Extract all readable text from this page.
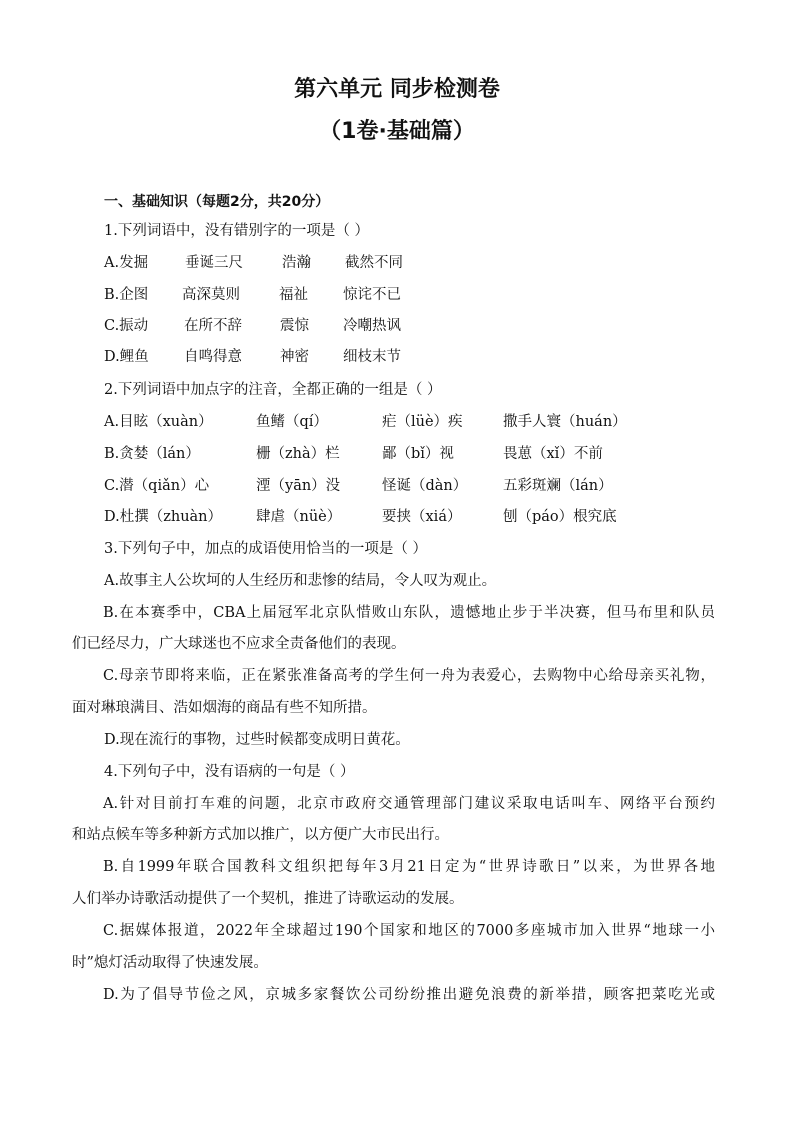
第六单元 同步检测卷
（1卷·基础篇）
一、基础知识（每题2分，共20分）
1.下列词语中，没有错别字的一项是（ ）
A.发掘	垂诞三尺	浩瀚 截然不同
B.企图 高深莫则	福祉 惊诧不已
C.振动 在所不辞	震惊 冷嘲热讽
D.鲤鱼 自鸣得意	神密 细枝末节
2.下列词语中加点字的注音，全都正确的一组是（ ）
A.目眩（xuàn）	鱼鳍（qí）	疟（lüè）疾	撒手人寰（huán）
B.贪婪（lán）	栅（zhà）栏	鄙（bǐ）视	畏葸（xǐ）不前
C.潜（qiǎn）心	湮（yān）没	怪诞（dàn） 五彩斑斓（lán）
D.杜撰（zhuàn） 肆虐（nüè）	要挟（xiá）	刨（páo）根究底
3.下列句子中，加点的成语使用恰当的一项是（ ）
A.故事主人公坎坷的人生经历和悲惨的结局，令人叹为观止。
B.在本赛季中，CBA上届冠军北京队惜败山东队，遗憾地止步于半决赛，但马布里和队员
们已经尽力，广大球迷也不应求全责备他们的表现。
C.母亲节即将来临，正在紧张准备高考的学生何一舟为表爱心，去购物中心给母亲买礼物，
面对琳琅满目、浩如烟海的商品有些不知所措。
D.现在流行的事物，过些时候都变成明日黄花。
4.下列句子中，没有语病的一句是（ ）
A.针对目前打车难的问题，北京市政府交通管理部门建议采取电话叫车、网络平台预约
和站点候车等多种新方式加以推广，以方便广大市民出行。
B.自1999年联合国教科文组织把每年3月21日定为“世界诗歌日”以来，为世界各地
人们举办诗歌活动提供了一个契机，推进了诗歌运动的发展。
C.据媒体报道，2022年全球超过190个国家和地区的7000多座城市加入世界“地球一小
时”熄灯活动取得了快速发展。
D.为了倡导节俭之风，京城多家餐饮公司纷纷推出避免浪费的新举措，顾客把菜吃光或
